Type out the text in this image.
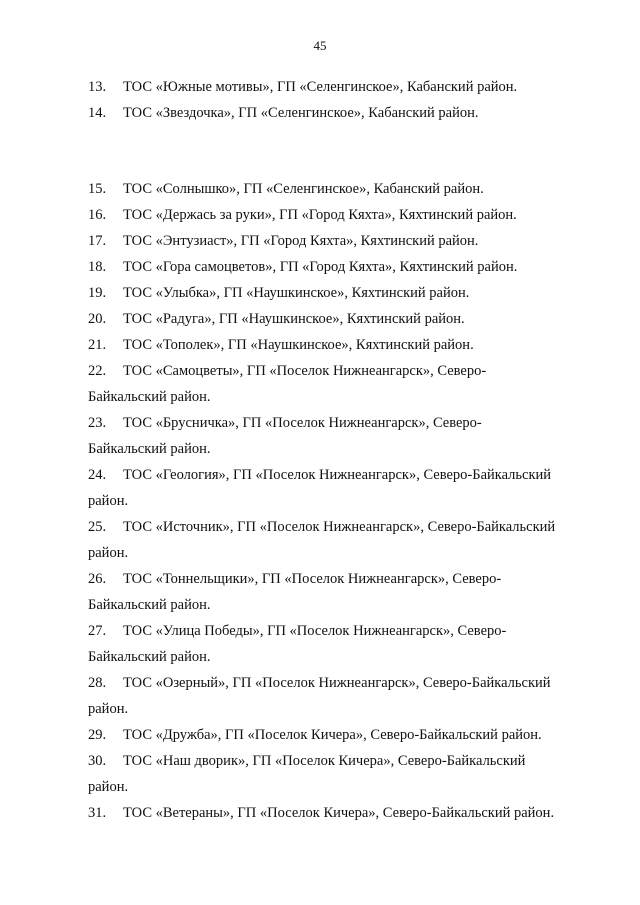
45
13. ТОС «Южные мотивы», ГП «Селенгинское», Кабанский район.
14. ТОС «Звездочка», ГП «Селенгинское», Кабанский район.
15. ТОС «Солнышко», ГП «Селенгинское», Кабанский район.
16. ТОС «Держась за руки», ГП «Город Кяхта», Кяхтинский район.
17. ТОС «Энтузиаст», ГП «Город Кяхта», Кяхтинский район.
18. ТОС «Гора самоцветов», ГП «Город Кяхта», Кяхтинский район.
19. ТОС «Улыбка», ГП «Наушкинское», Кяхтинский район.
20. ТОС «Радуга», ГП «Наушкинское», Кяхтинский район.
21. ТОС «Тополек», ГП «Наушкинское», Кяхтинский район.
22. ТОС «Самоцветы», ГП «Поселок Нижнеангарск», Северо-
Байкальский район.
23. ТОС «Брусничка», ГП «Поселок Нижнеангарск», Северо-
Байкальский район.
24. ТОС «Геология», ГП «Поселок Нижнеангарск», Северо-Байкальский
район.
25. ТОС «Источник», ГП «Поселок Нижнеангарск», Северо-Байкальский
район.
26. ТОС «Тоннельщики», ГП «Поселок Нижнеангарск», Северо-
Байкальский район.
27. ТОС «Улица Победы», ГП «Поселок Нижнеангарск», Северо-
Байкальский район.
28. ТОС «Озерный», ГП «Поселок Нижнеангарск», Северо-Байкальский
район.
29. ТОС «Дружба», ГП «Поселок Кичера», Северо-Байкальский район.
30. ТОС «Наш дворик», ГП «Поселок Кичера», Северо-Байкальский
район.
31. ТОС «Ветераны», ГП «Поселок Кичера», Северо-Байкальский район.
